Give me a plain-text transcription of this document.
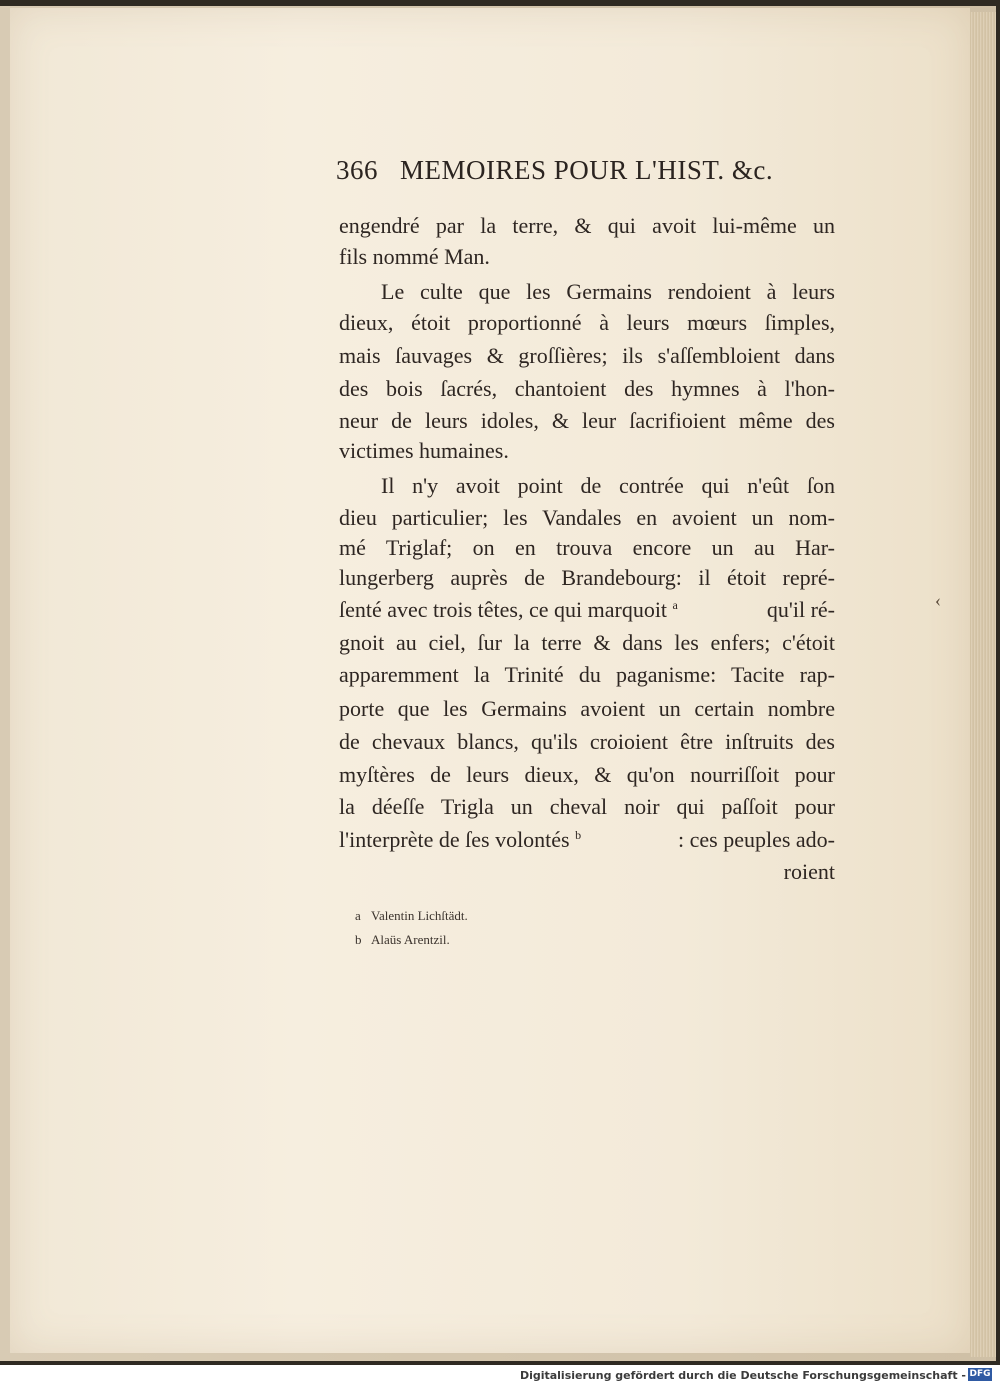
366 MEMOIRES POUR L'HIST. &c.
engendré par la terre, & qui avoit lui-même un
fils nommé Man.
Le culte que les Germains rendoient à leurs
dieux, étoit proportionné à leurs mœurs ſimples,
mais ſauvages & groſſières; ils s'aſſembloient dans
des bois ſacrés, chantoient des hymnes à l'hon-
neur de leurs idoles, & leur ſacrifioient même des
victimes humaines.
Il n'y avoit point de contrée qui n'eût ſon
dieu particulier; les Vandales en avoient un nom-
mé Triglaf; on en trouva encore un au Har-
lungerberg auprès de Brandebourg: il étoit repré-
ſenté avec trois têtes, ce qui marquoit $^a$	qu'il ré-
gnoit au ciel, ſur la terre & dans les enfers; c'étoit
apparemment la Trinité du paganisme: Tacite rap-
porte que les Germains avoient un certain nombre
de chevaux blancs, qu'ils croioient être inſtruits des
myſtères de leurs dieux, & qu'on nourriſſoit pour
la déeſſe Trigla un cheval noir qui paſſoit pour
l'interprète de ſes volontés $^b$	: ces peuples ado-
roient
a Valentin Lichſtädt.
b Alaüs Arentzil.
‹
Digitalisierung gefördert durch die Deutsche Forschungsgemeinschaft - DFG
